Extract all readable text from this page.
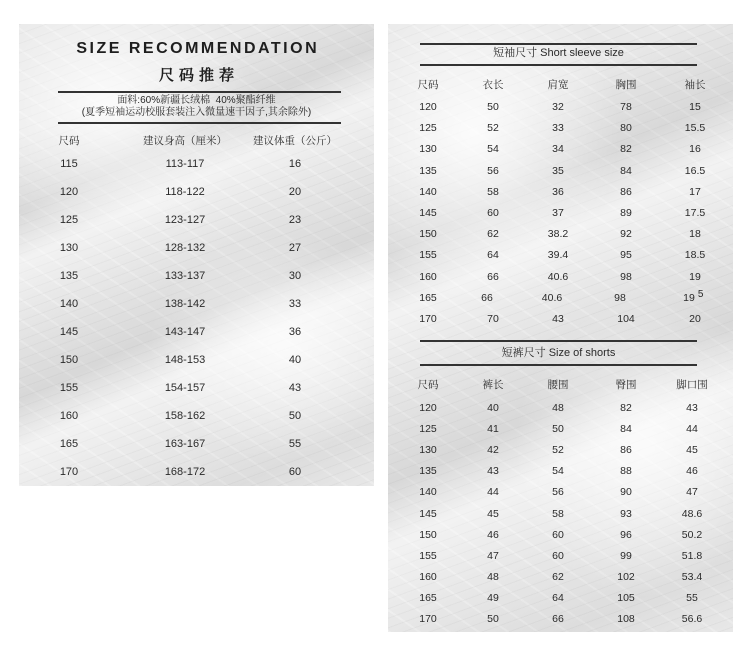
SIZE RECOMMENDATION
尺码推荐
面料:60%新疆长绒棉  40%聚酯纤维
(夏季短袖运动校服套装注入微量速干因子,其余除外)
尺码	建议身高（厘米）	建议体重（公斤）
115	113-117	16
120	118-122	20
125	123-127	23
130	128-132	27
135	133-137	30
140	138-142	33
145	143-147	36
150	148-153	40
155	154-157	43
160	158-162	50
165	163-167	55
170	168-172	60
短袖尺寸 Short sleeve size
尺码	衣长	肩宽	胸围	袖长
120	50	32	78	15
125	52	33	80	15.5
130	54	34	82	16
135	56	35	84	16.5
140	58	36	86	17
145	60	37	89	17.5
150	62	38.2	92	18
155	64	39.4	95	18.5
160	66	40.6	98	19
165	66	40.6	98	19 5
170	70	43	104	20
短裤尺寸 Size of shorts
尺码	裤长	腰围	臀围	脚口围
120	40	48	82	43
125	41	50	84	44
130	42	52	86	45
135	43	54	88	46
140	44	56	90	47
145	45	58	93	48.6
150	46	60	96	50.2
155	47	60	99	51.8
160	48	62	102	53.4
165	49	64	105	55
170	50	66	108	56.6
